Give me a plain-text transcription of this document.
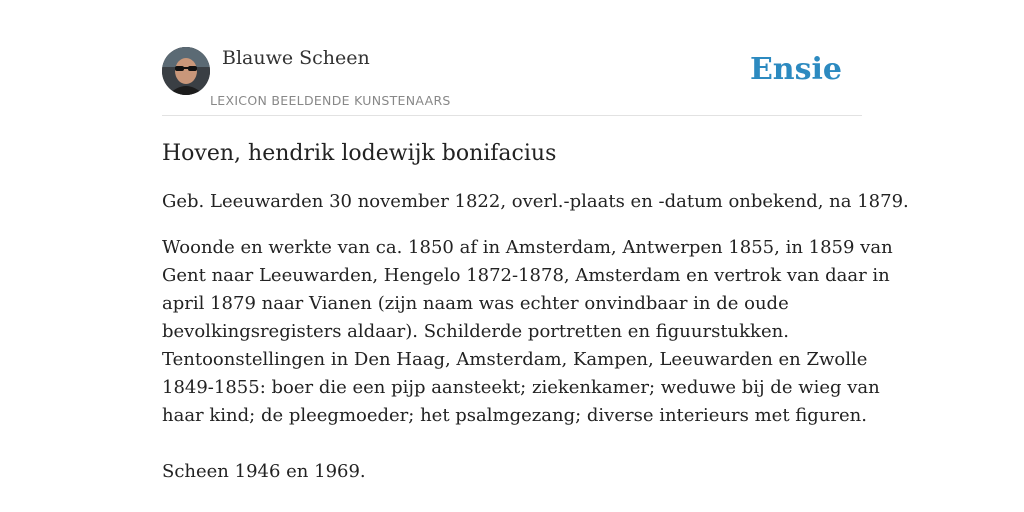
Blauwe Scheen
LEXICON BEELDENDE KUNSTENAARS
Ensie
Hoven, hendrik lodewijk bonifacius

Geb. Leeuwarden 30 november 1822, overl.-plaats en -datum onbekend, na 1879.

Woonde en werkte van ca. 1850 af in Amsterdam, Antwerpen 1855, in 1859 van
Gent naar Leeuwarden, Hengelo 1872-1878, Amsterdam en vertrok van daar in
april 1879 naar Vianen (zijn naam was echter onvindbaar in de oude
bevolkingsregisters aldaar). Schilderde portretten en figuurstukken.
Tentoonstellingen in Den Haag, Amsterdam, Kampen, Leeuwarden en Zwolle
1849-1855: boer die een pijp aansteekt; ziekenkamer; weduwe bij de wieg van
haar kind; de pleegmoeder; het psalmgezang; diverse interieurs met figuren.

Scheen 1946 en 1969.
